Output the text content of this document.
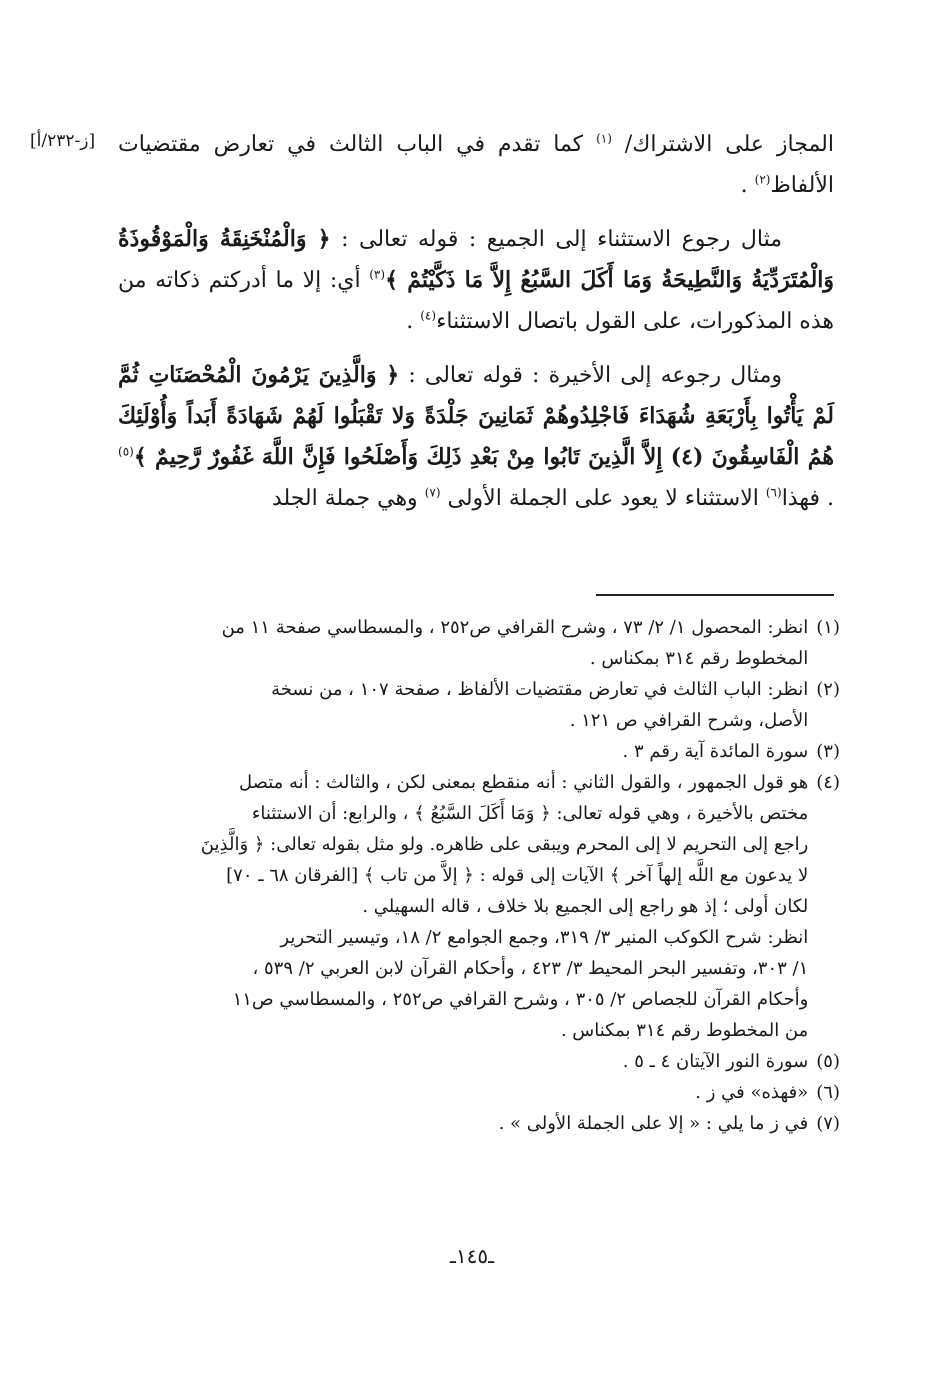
[ز-٢٣٢/أ]	المجاز على الاشتراك/ $^{(١)}$ كما تقدم في الباب الثالث في تعارض مقتضيات الألفاظ$^{(٢)}$ .

مثال رجوع الاستثناء إلى الجميع : قوله تعالى : ﴿ وَالْمُنْخَنِقَةُ وَالْمَوْقُوذَةُ وَالْمُتَرَدِّيَةُ وَالنَّطِيحَةُ وَمَا أَكَلَ السَّبُعُ إِلاَّ مَا ذَكَّيْتُمْ ﴾$^{(٣)}$ أي: إلا ما أدركتم ذكاته من هذه المذكورات، على القول باتصال الاستثناء$^{(٤)}$ .

ومثال رجوعه إلى الأخيرة : قوله تعالى : ﴿ وَالَّذِينَ يَرْمُونَ الْمُحْصَنَاتِ ثُمَّ لَمْ يَأْتُوا بِأَرْبَعَةِ شُهَدَاءَ فَاجْلِدُوهُمْ ثَمَانِينَ جَلْدَةً وَلا تَقْبَلُوا لَهُمْ شَهَادَةً أَبَداً وَأُوْلَئِكَ هُمُ الْفَاسِقُونَ (٤) إِلاَّ الَّذِينَ تَابُوا مِنْ بَعْدِ ذَلِكَ وَأَصْلَحُوا فَإِنَّ اللَّهَ غَفُورٌ رَّحِيمٌ ﴾$^{(٥)}$ . فهذا$^{(٦)}$ الاستثناء لا يعود على الجملة الأولى $^{(٧)}$ وهي جملة الجلد

(١)
انظر: المحصول ١/ ٢/ ٧٣ ، وشرح القرافي ص٢٥٢ ، والمسطاسي صفحة ١١ من
المخطوط رقم ٣١٤ بمكناس .
(٢)
انظر: الباب الثالث في تعارض مقتضيات الألفاظ ، صفحة ١٠٧ ، من نسخة
الأصل، وشرح القرافي ص ١٢١ .
(٣)
سورة المائدة آية رقم ٣ .
(٤)
هو قول الجمهور ، والقول الثاني : أنه منقطع بمعنى لكن ، والثالث : أنه متصل
مختص بالأخيرة ، وهي قوله تعالى: ﴿ وَمَا أَكَلَ السَّبُعُ ﴾ ، والرابع: أن الاستثناء
راجع إلى التحريم لا إلى المحرم ويبقى على ظاهره. ولو مثل بقوله تعالى: ﴿ وَالَّذِينَ
لا يدعون مع اللَّه إلهاً آخر ﴾ الآيات إلى قوله : ﴿ إلاَّ من تاب ﴾ [الفرقان ٦٨ ـ ٧٠]
لكان أولى ؛ إذ هو راجع إلى الجميع بلا خلاف ، قاله السهيلي .
انظر: شرح الكوكب المنير ٣/ ٣١٩، وجمع الجوامع ٢/ ١٨، وتيسير التحرير
١/ ٣٠٣، وتفسير البحر المحيط ٣/ ٤٢٣ ، وأحكام القرآن لابن العربي ٢/ ٥٣٩ ،
وأحكام القرآن للجصاص ٢/ ٣٠٥ ، وشرح القرافي ص٢٥٢ ، والمسطاسي ص١١
من المخطوط رقم ٣١٤ بمكناس .
(٥)
سورة النور الآيتان ٤ ـ ٥ .
(٦)
«فهذه» في ز .
(٧)
في ز ما يلي : « إلا على الجملة الأولى » .
ـ١٤٥ـ
